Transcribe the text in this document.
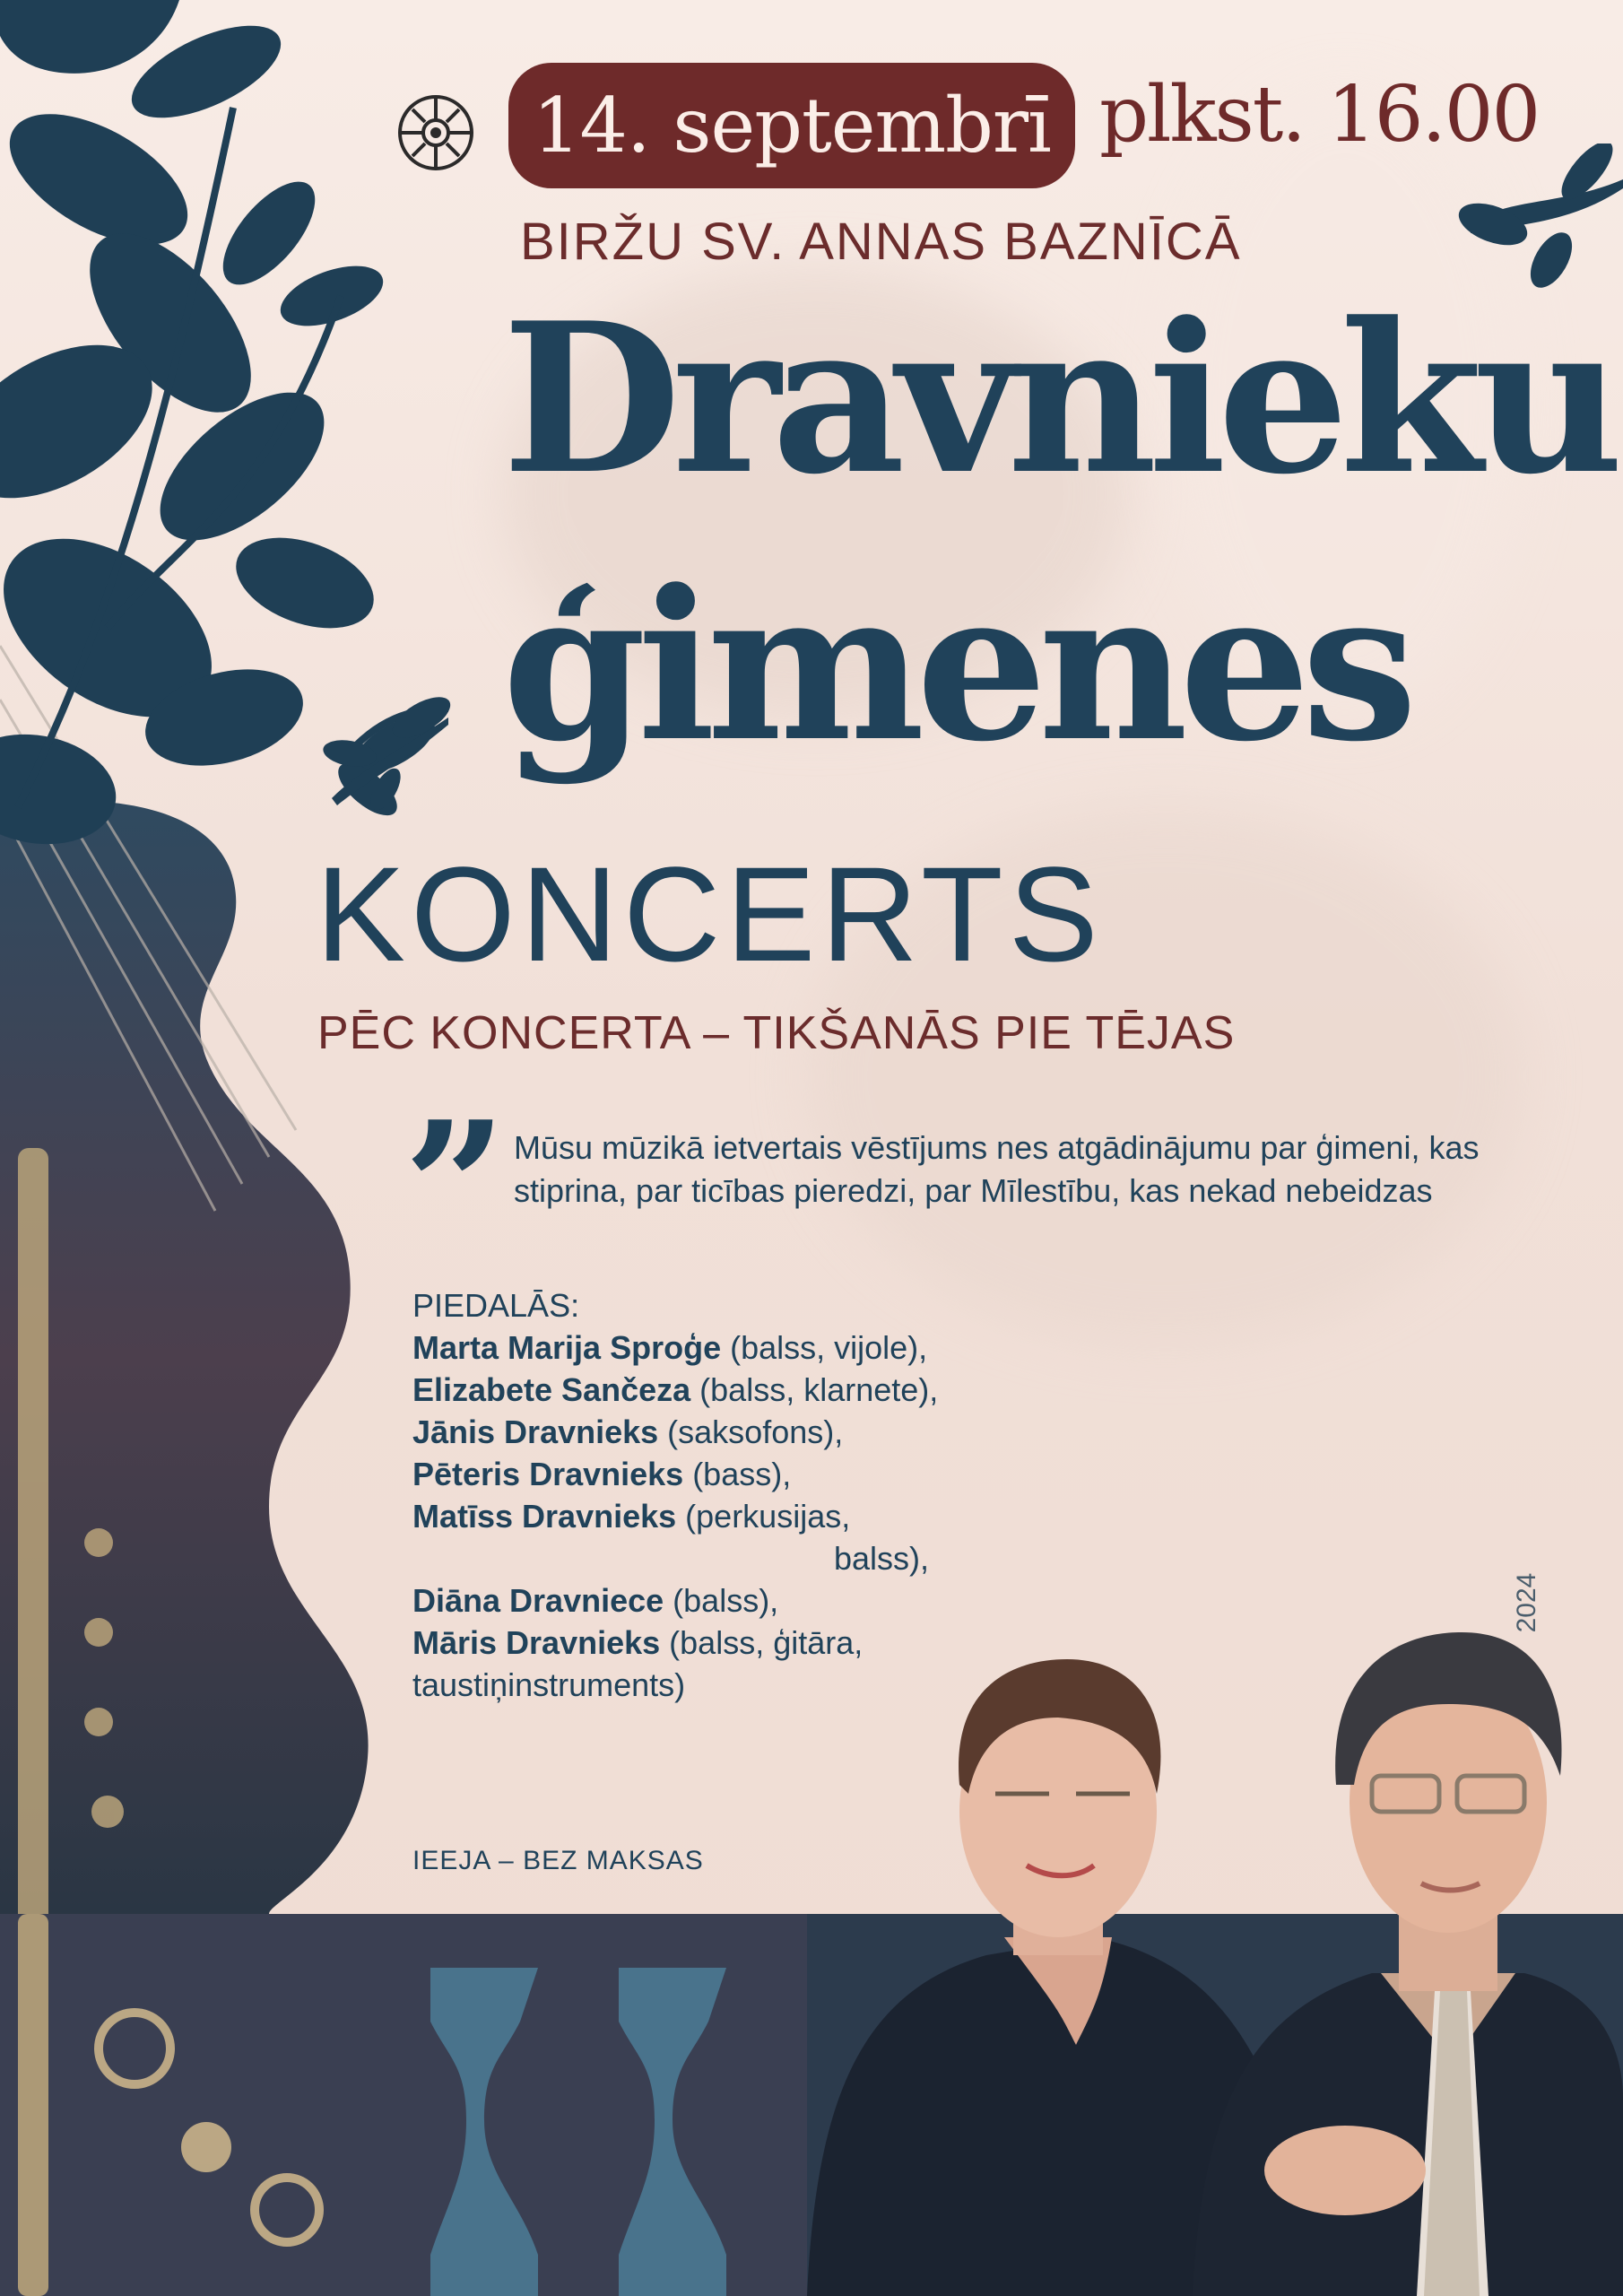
14. septembrī plkst. 16.00
BIRŽU SV. ANNAS BAZNĪCĀ
Dravnieku
ģimenes
KONCERTS
PĒC KONCERTA – TIKŠANĀS PIE TĒJAS
” Mūsu mūzikā ietvertais vēstījums nes atgādinājumu par ģimeni, kas stiprina, par ticības pieredzi, par Mīlestību, kas nekad nebeidzas
PIEDALĀS:
Marta Marija Sproģe (balss, vijole),
Elizabete Sančeza (balss, klarnete),
Jānis Dravnieks (saksofons),
Pēteris Dravnieks (bass),
Matīss Dravnieks (perkusijas,
balss),
Diāna Dravniece (balss),
Māris Dravnieks (balss, ģitāra,
taustiņinstruments)
IEEJA – BEZ MAKSAS
2024
